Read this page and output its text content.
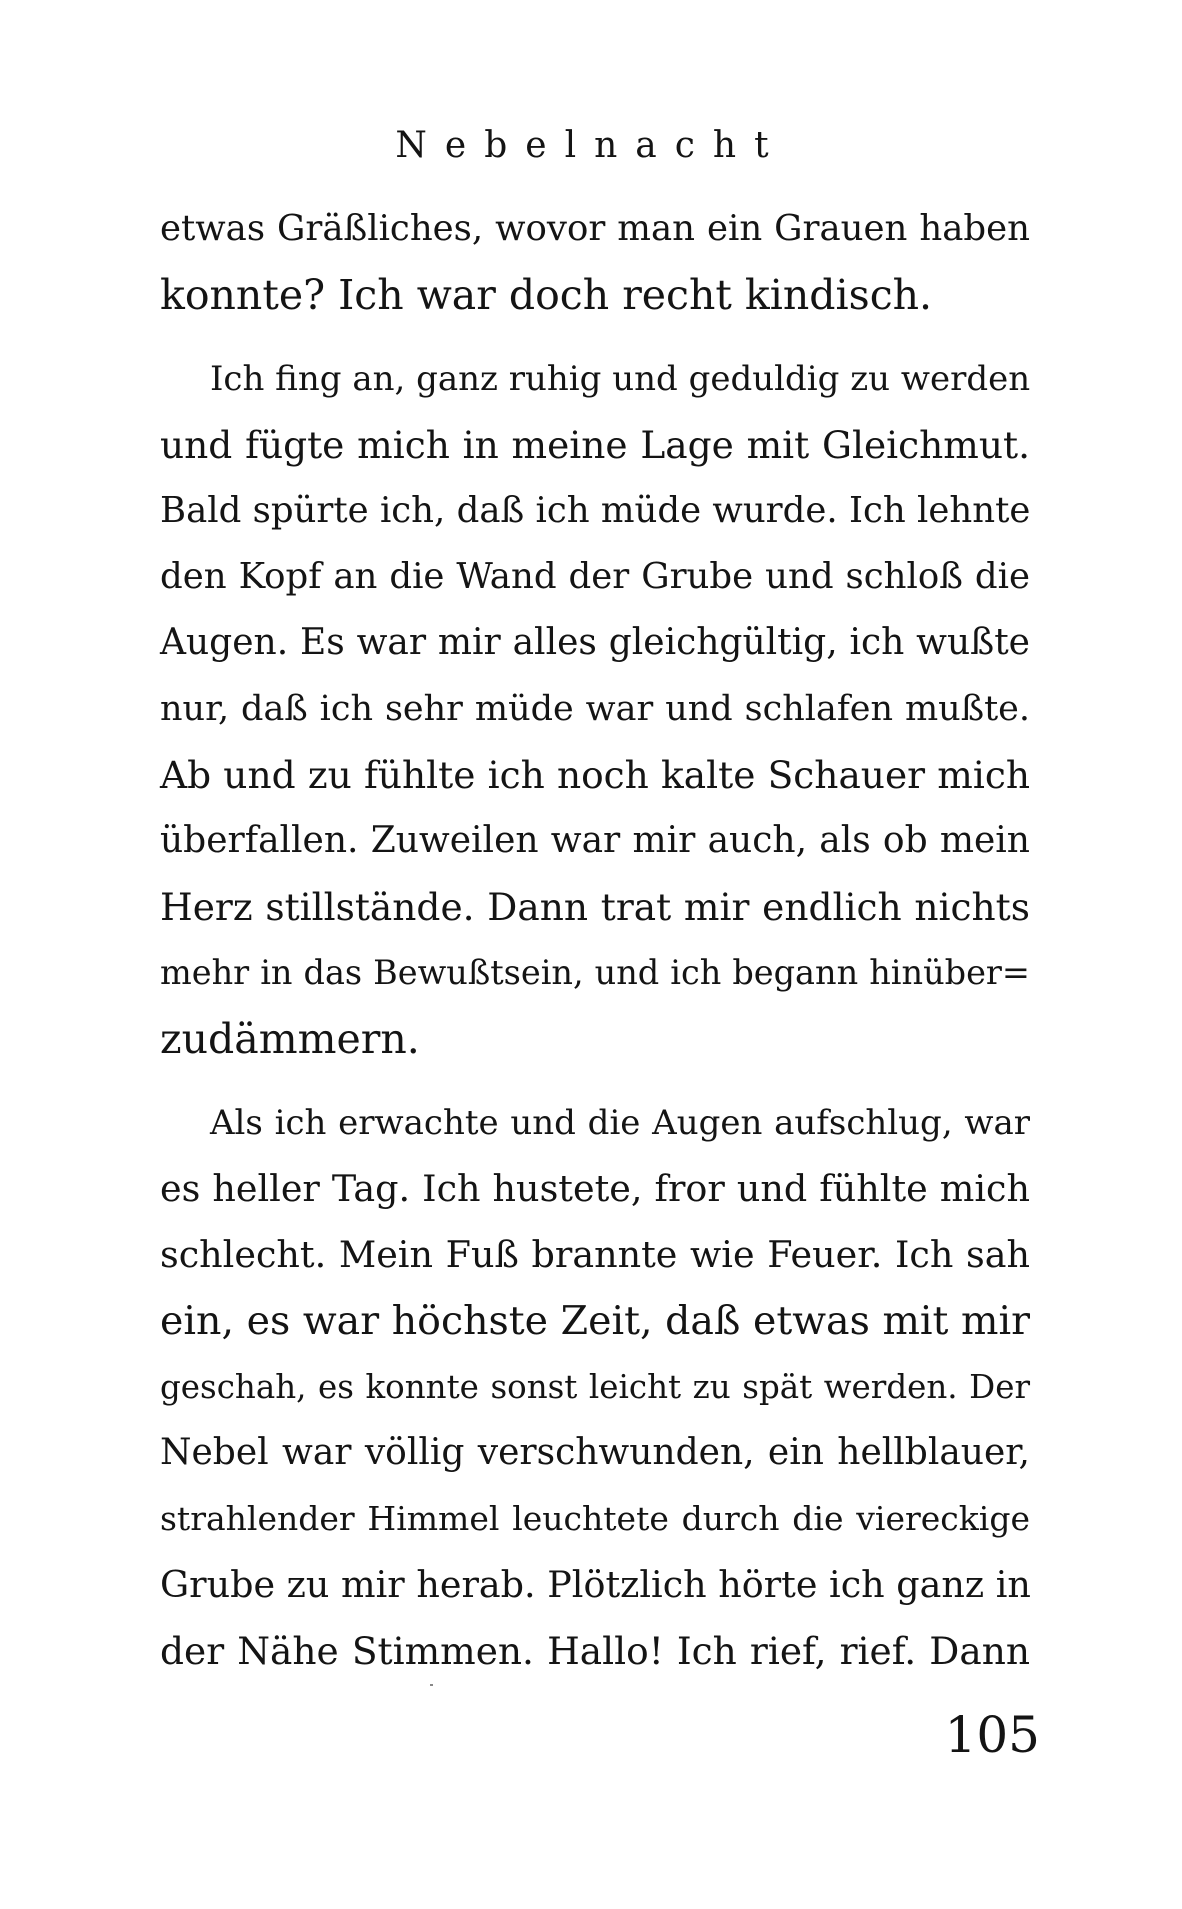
Nebelnacht
etwas Gräßliches, wovor man ein Grauen haben
konnte? Ich war doch recht kindisch.
Ich fing an, ganz ruhig und geduldig zu werden
und fügte mich in meine Lage mit Gleichmut.
Bald spürte ich, daß ich müde wurde. Ich lehnte
den Kopf an die Wand der Grube und schloß die
Augen. Es war mir alles gleichgültig, ich wußte
nur, daß ich sehr müde war und schlafen mußte.
Ab und zu fühlte ich noch kalte Schauer mich
überfallen. Zuweilen war mir auch, als ob mein
Herz stillstände. Dann trat mir endlich nichts
mehr in das Bewußtsein, und ich begann hinüber=
zudämmern.
Als ich erwachte und die Augen aufschlug, war
es heller Tag. Ich hustete, fror und fühlte mich
schlecht. Mein Fuß brannte wie Feuer. Ich sah
ein, es war höchste Zeit, daß etwas mit mir
geschah, es konnte sonst leicht zu spät werden. Der
Nebel war völlig verschwunden, ein hellblauer,
strahlender Himmel leuchtete durch die viereckige
Grube zu mir herab. Plötzlich hörte ich ganz in
der Nähe Stimmen. Hallo! Ich rief, rief. Dann
105
